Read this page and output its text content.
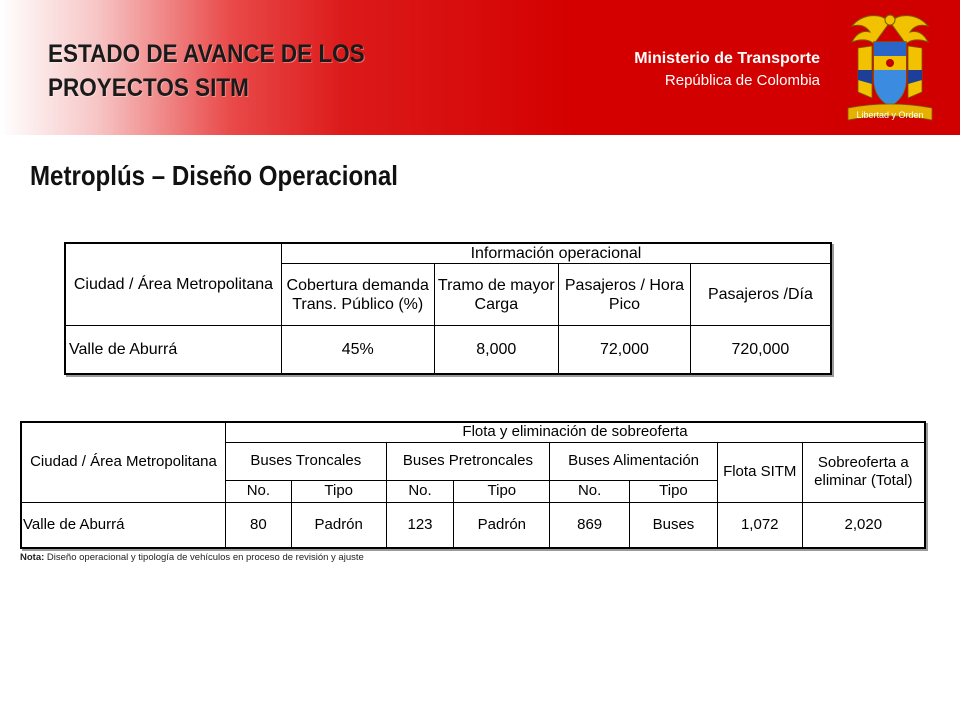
ESTADO DE AVANCE DE LOS
PROYECTOS SITM
Ministerio de Transporte
República de Colombia
Libertad y Orden
Metroplús – Diseño Operacional
Ciudad / Área Metropolitana	Información operacional			
	Cobertura demanda Trans. Público (%)	Tramo de mayor Carga	Pasajeros / Hora Pico	Pasajeros /Día
Valle de Aburrá	45%	8,000	72,000	720,000
Ciudad / Área Metropolitana	Flota y eliminación de sobreoferta							
	Buses Troncales		Buses Pretroncales		Buses Alimentación		Flota SITM	Sobreoferta a eliminar (Total)
	No.	Tipo	No.	Tipo	No.	Tipo		
Valle de Aburrá	80	Padrón	123	Padrón	869	Buses	1,072	2,020
Nota: Diseño operacional y tipología de vehículos en proceso de revisión y ajuste
